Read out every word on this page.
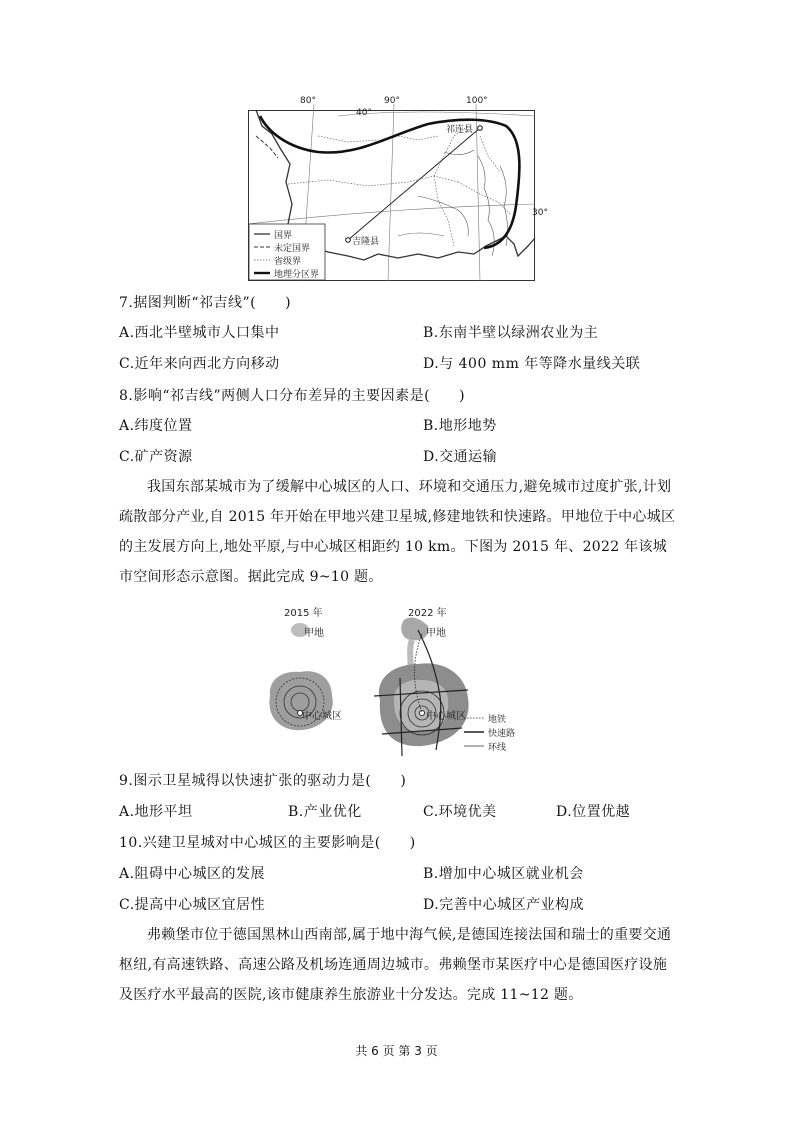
80°	90°	100°
40°
30°
祁连县
吉隆县
国界
未定国界
省级界
地理分区界
7.据图判断“祁吉线”(　　)
A.西北半壁城市人口集中	B.东南半壁以绿洲农业为主
C.近年来向西北方向移动	D.与 400 mm 年等降水量线关联
8.影响“祁吉线”两侧人口分布差异的主要因素是(　　)
A.纬度位置	B.地形地势
C.矿产资源	D.交通运输

我国东部某城市为了缓解中心城区的人口、环境和交通压力,避免城市过度扩张,计划疏散部分产业,自 2015 年开始在甲地兴建卫星城,修建地铁和快速路。甲地位于中心城区的主发展方向上,地处平原,与中心城区相距约 10 km。下图为 2015 年、2022 年该城市空间形态示意图。据此完成 9~10 题。

2015 年	2022 年
甲地	甲地
中心城区	中心城区 地铁
快速路
环线
9.图示卫星城得以快速扩张的驱动力是(　　)
A.地形平坦	B.产业优化	C.环境优美	D.位置优越
10.兴建卫星城对中心城区的主要影响是(　　)
A.阻碍中心城区的发展	B.增加中心城区就业机会
C.提高中心城区宜居性	D.完善中心城区产业构成

弗赖堡市位于德国黑林山西南部,属于地中海气候,是德国连接法国和瑞士的重要交通枢纽,有高速铁路、高速公路及机场连通周边城市。弗赖堡市某医疗中心是德国医疗设施及医疗水平最高的医院,该市健康养生旅游业十分发达。完成 11~12 题。

共 6 页 第 3 页
